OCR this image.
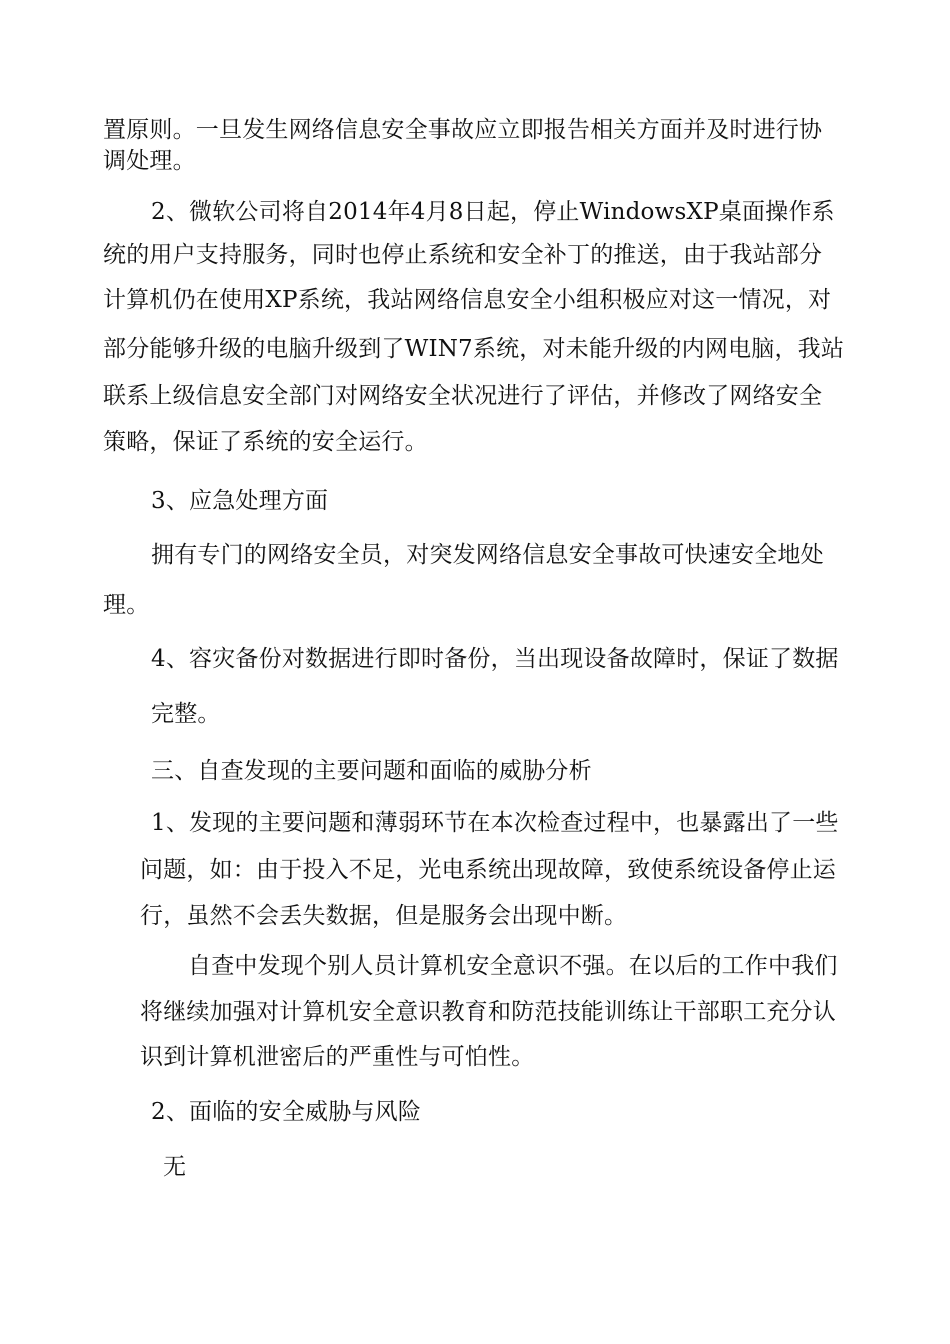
置原则。一旦发生网络信息安全事故应立即报告相关方面并及时进行协

调处理。

2、微软公司将自2014年4月8日起，停止WindowsXP桌面操作系

统的用户支持服务，同时也停止系统和安全补丁的推送，由于我站部分

计算机仍在使用XP系统，我站网络信息安全小组积极应对这一情况，对

部分能够升级的电脑升级到了WIN7系统，对未能升级的内网电脑，我站

联系上级信息安全部门对网络安全状况进行了评估，并修改了网络安全

策略，保证了系统的安全运行。

3、应急处理方面

拥有专门的网络安全员，对突发网络信息安全事故可快速安全地处

理。

4、容灾备份对数据进行即时备份，当出现设备故障时，保证了数据

完整。

三、自查发现的主要问题和面临的威胁分析

1、发现的主要问题和薄弱环节在本次检查过程中，也暴露出了一些

问题，如：由于投入不足，光电系统出现故障，致使系统设备停止运

行，虽然不会丢失数据，但是服务会出现中断。

自查中发现个别人员计算机安全意识不强。在以后的工作中我们

将继续加强对计算机安全意识教育和防范技能训练让干部职工充分认

识到计算机泄密后的严重性与可怕性。

2、面临的安全威胁与风险

无
